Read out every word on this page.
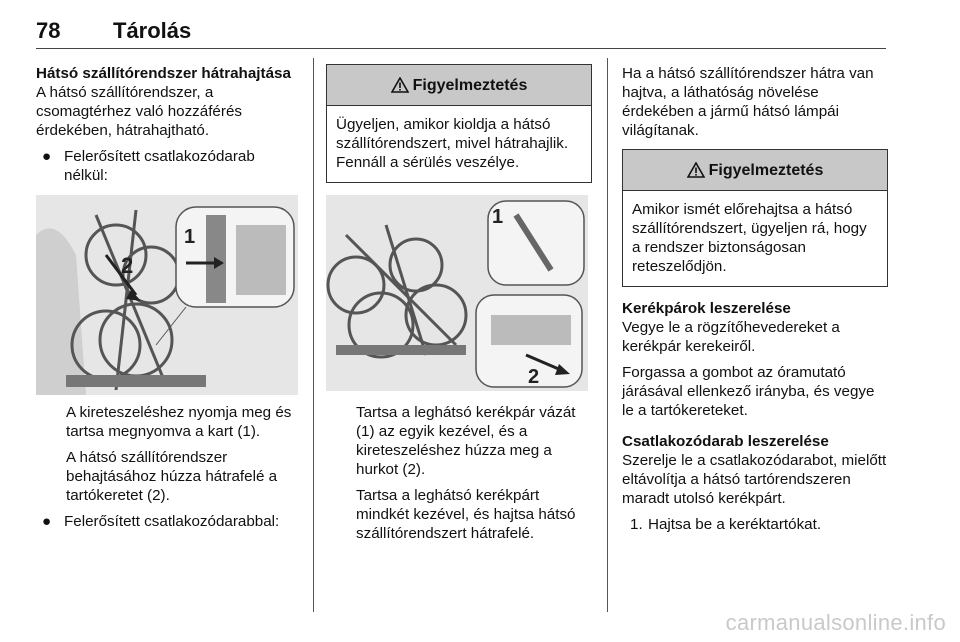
78 Tárolás

Hátsó szállítórendszer hátrahajtása

A hátsó szállítórendszer, a csomagtérhez való hozzáférés érdekében, hátrahajtható.

● Felerősített csatlakozódarab nélkül:
2
1

A kireteszeléshez nyomja meg és tartsa megnyomva a kart (1).

A hátsó szállítórendszer behajtásához húzza hátrafelé a tartókeretet (2).

● Felerősített csatlakozódarabbal:
Figyelmeztetés
Ügyeljen, amikor kioldja a hátsó szállítórendszert, mivel hátrahajlik. Fennáll a sérülés veszélye.
1
2

Tartsa a leghátsó kerékpár vázát (1) az egyik kezével, és a kireteszeléshez húzza meg a hurkot (2).

Tartsa a leghátsó kerékpárt mindkét kezével, és hajtsa hátsó szállítórendszert hátrafelé.

Ha a hátsó szállítórendszer hátra van hajtva, a láthatóság növelése érdekében a jármű hátsó lámpái világítanak.

Figyelmeztetés
Amikor ismét előrehajtsa a hátsó szállítórendszert, ügyeljen rá, hogy a rendszer biztonságosan reteszelődjön.

Kerékpárok leszerelése

Vegye le a rögzítőhevedereket a kerékpár kerekeiről.

Forgassa a gombot az óramutató járásával ellenkező irányba, és vegye le a tartókereteket.

Csatlakozódarab leszerelése

Szerelje le a csatlakozódarabot, mielőtt eltávolítja a hátsó tartórendszeren maradt utolsó kerékpárt.

1. Hajtsa be a keréktartókat.
carmanualsonline.info
